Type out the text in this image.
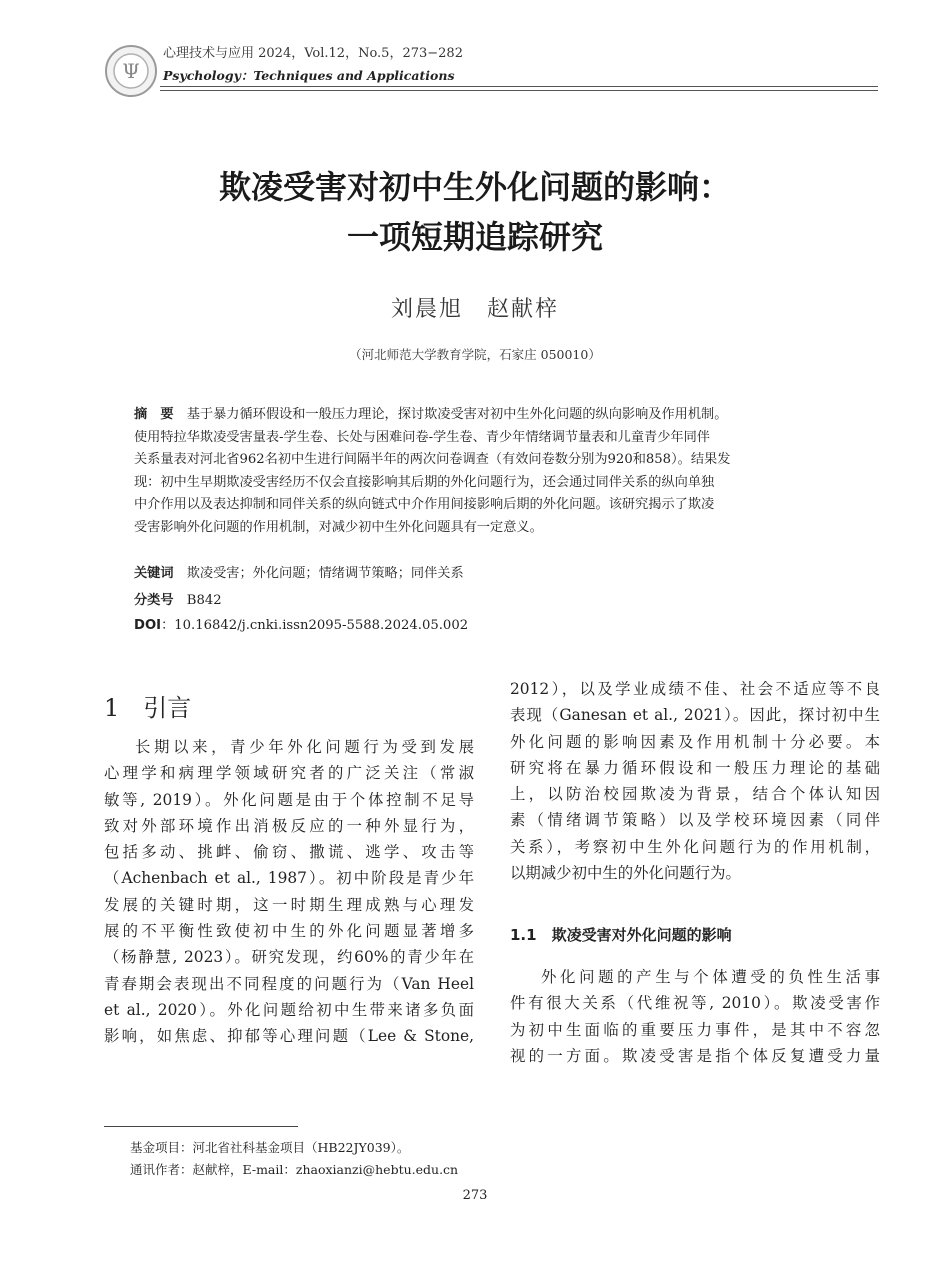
Ψ
心理技术与应用 2024，Vol.12，No.5，273−282
Psychology：Techniques and Applications
欺凌受害对初中生外化问题的影响：
一项短期追踪研究
刘晨旭　赵献梓
（河北师范大学教育学院，石家庄 050010）
摘　要　 基于暴力循环假设和一般压力理论，探讨欺凌受害对初中生外化问题的纵向影响及作用机制。
使用特拉华欺凌受害量表-学生卷、长处与困难问卷-学生卷、青少年情绪调节量表和儿童青少年同伴
关系量表对河北省962名初中生进行间隔半年的两次问卷调查（有效问卷数分别为920和858）。结果发
现：初中生早期欺凌受害经历不仅会直接影响其后期的外化问题行为，还会通过同伴关系的纵向单独
中介作用以及表达抑制和同伴关系的纵向链式中介作用间接影响后期的外化问题。该研究揭示了欺凌
受害影响外化问题的作用机制，对减少初中生外化问题具有一定意义。
关键词　 欺凌受害；外化问题；情绪调节策略；同伴关系
分类号　 B842
DOI：10.16842/j.cnki.issn2095-5588.2024.05.002
1　引言
长期以来，青少年外化问题行为受到发展
心理学和病理学领域研究者的广泛关注（常淑
敏等, 2019）。外化问题是由于个体控制不足导
致对外部环境作出消极反应的一种外显行为，
包括多动、挑衅、偷窃、撒谎、逃学、攻击等
（Achenbach et al., 1987）。初中阶段是青少年
发展的关键时期，这一时期生理成熟与心理发
展的不平衡性致使初中生的外化问题显著增多
（杨静慧, 2023）。研究发现，约60%的青少年在
青春期会表现出不同程度的问题行为（Van Heel
et al., 2020）。外化问题给初中生带来诸多负面
影响，如焦虑、抑郁等心理问题（Lee & Stone,
2012），以及学业成绩不佳、社会不适应等不良
表现（Ganesan et al., 2021）。因此，探讨初中生
外化问题的影响因素及作用机制十分必要。本
研究将在暴力循环假设和一般压力理论的基础
上，以防治校园欺凌为背景，结合个体认知因
素（情绪调节策略）以及学校环境因素（同伴
关系），考察初中生外化问题行为的作用机制，
以期减少初中生的外化问题行为。
1.1　欺凌受害对外化问题的影响
外化问题的产生与个体遭受的负性生活事
件有很大关系（代维祝等, 2010）。欺凌受害作
为初中生面临的重要压力事件，是其中不容忽
视的一方面。欺凌受害是指个体反复遭受力量
基金项目：河北省社科基金项目（HB22JY039）。
通讯作者：赵献梓，E-mail：zhaoxianzi@hebtu.edu.cn
273
